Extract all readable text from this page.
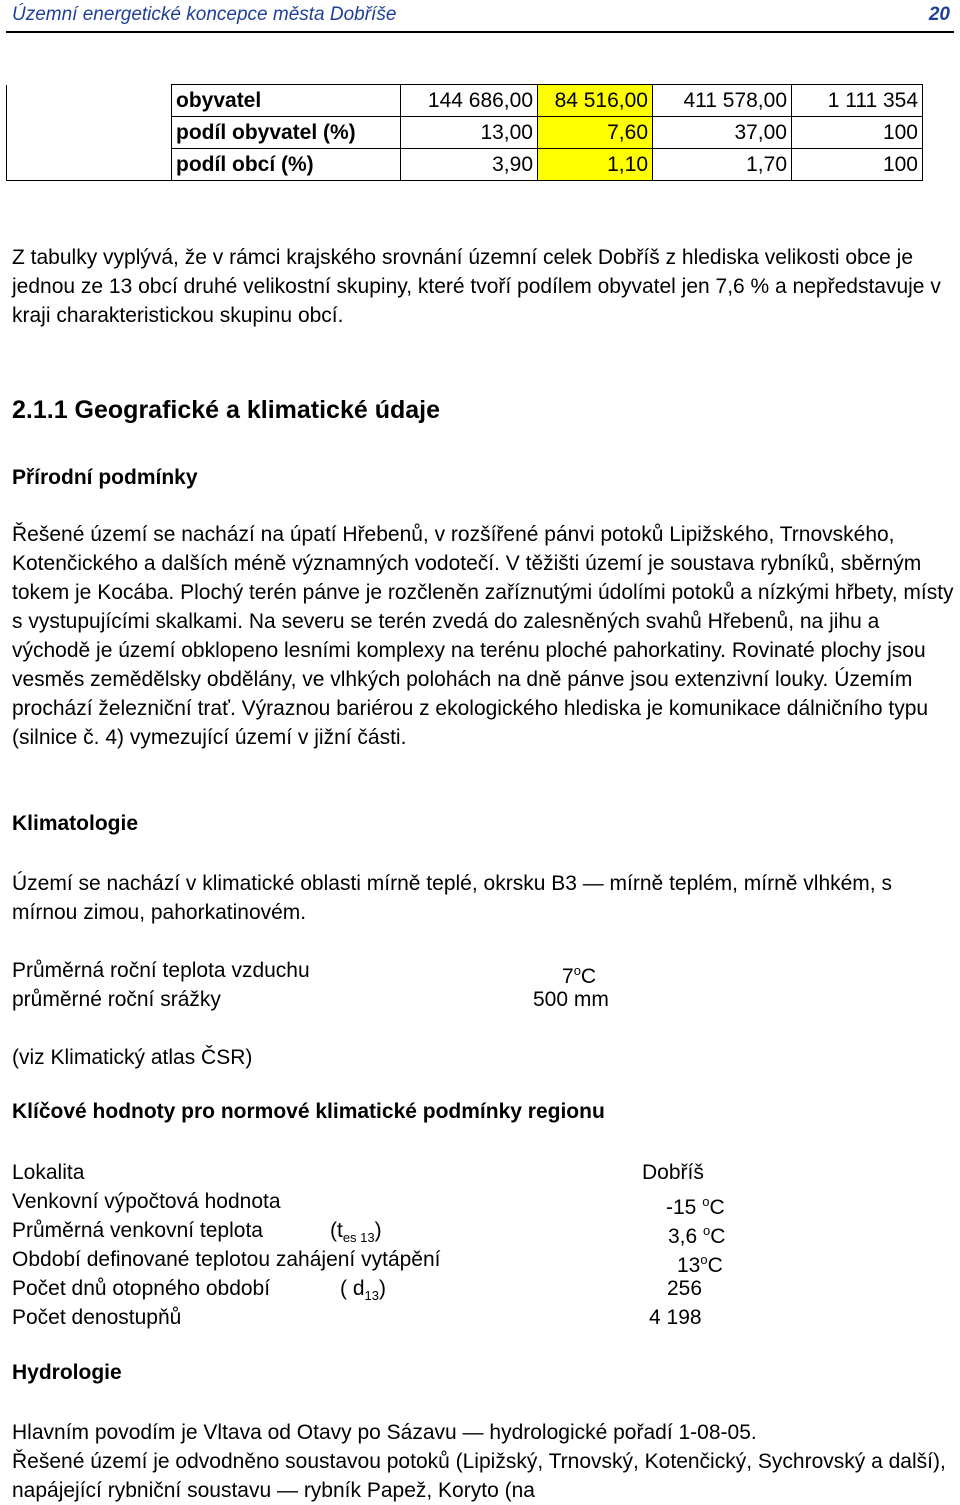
Územní energetické koncepce města Dobříše	20
	obyvatel	144 686,00	84 516,00	411 578,00	1 111 354
	podíl obyvatel (%)	13,00	7,60	37,00	100
	podíl obcí (%)	3,90	1,10	1,70	100
Z tabulky vyplývá, že v rámci krajského srovnání územní celek Dobříš z hlediska velikosti obce je jednou ze 13 obcí druhé velikostní skupiny, které tvoří podílem obyvatel jen 7,6 % a nepředstavuje v kraji charakteristickou skupinu obcí.
2.1.1 Geografické a klimatické údaje
Přírodní podmínky
Řešené území se nachází na úpatí Hřebenů, v rozšířené pánvi potoků Lipižského, Trnovského, Kotenčického a dalších méně významných vodotečí. V těžišti území je soustava rybníků, sběrným tokem je Kocába. Plochý terén pánve je rozčleněn zaříznutými údolími potoků a nízkými hřbety, místy s vystupujícími skalkami. Na severu se terén zvedá do zalesněných svahů Hřebenů, na jihu a východě je území obklopeno lesními komplexy na terénu ploché pahorkatiny. Rovinaté plochy jsou vesměs zemědělsky obdělány, ve vlhkých polohách na dně pánve jsou extenzivní louky. Územím prochází železniční trať. Výraznou bariérou z ekologického hlediska je komunikace dálničního typu (silnice č. 4) vymezující území v jižní části.
Klimatologie
Území se nachází v klimatické oblasti mírně teplé, okrsku B3 — mírně teplém, mírně vlhkém, s mírnou zimou, pahorkatinovém.
Průměrná roční teplota vzduchu	7$^o$C
průměrné roční srážky	500 mm
(viz Klimatický atlas ČSR)
Klíčové hodnoty pro normové klimatické podmínky regionu
Lokalita	Dobříš
Venkovní výpočtová hodnota	-15 $^o$C
Průměrná venkovní teplota	$(t_{es 13})$	3,6 $^o$C
Období definované teplotou zahájení vytápění	13$^o$C
Počet dnů otopného období	( $d_{13}$)	256
Počet denostupňů	4 198
Hydrologie
Hlavním povodím je Vltava od Otavy po Sázavu — hydrologické pořadí 1-08-05.
Řešené území je odvodněno soustavou potoků (Lipižský, Trnovský, Kotenčický, Sychrovský a další), napájející rybniční soustavu — rybník Papež, Koryto (na
